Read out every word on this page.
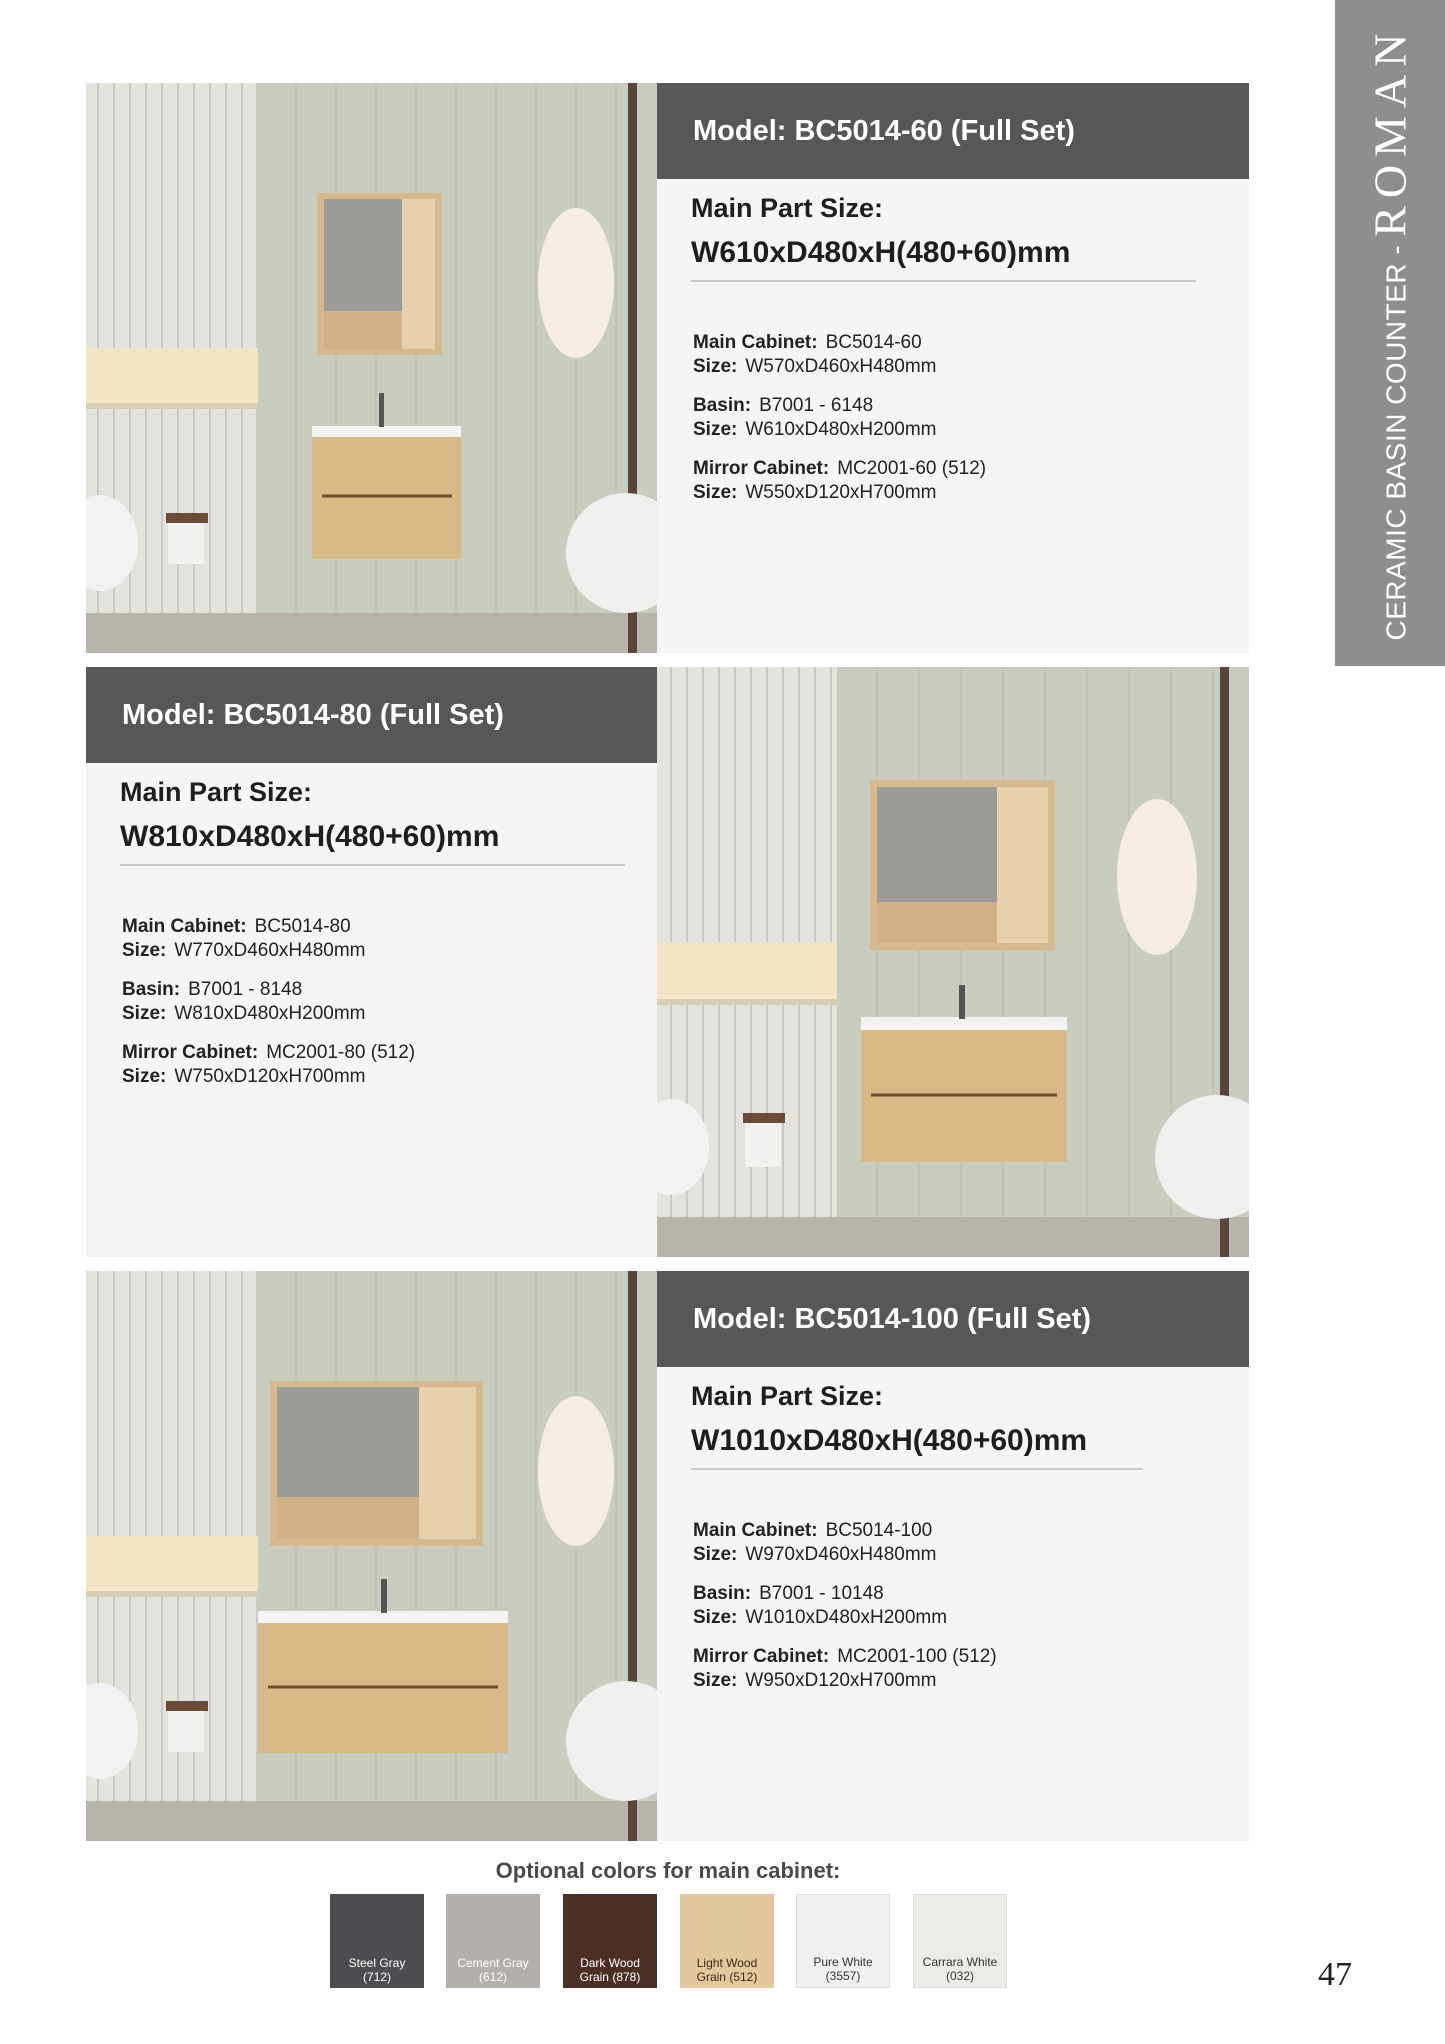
CERAMIC BASIN COUNTER -
ROMAN
Model: BC5014-60 (Full Set)
Main Part Size:
W610xD480xH(480+60)mm
Main Cabinet: BC5014-60
Size: W570xD460xH480mm
Basin: B7001 - 6148
Size: W610xD480xH200mm
Mirror Cabinet: MC2001-60 (512)
Size: W550xD120xH700mm
Model: BC5014-80 (Full Set)
Main Part Size:
W810xD480xH(480+60)mm
Main Cabinet: BC5014-80
Size: W770xD460xH480mm
Basin: B7001 - 8148
Size: W810xD480xH200mm
Mirror Cabinet: MC2001-80 (512)
Size: W750xD120xH700mm
Model: BC5014-100 (Full Set)
Main Part Size:
W1010xD480xH(480+60)mm
Main Cabinet: BC5014-100
Size: W970xD460xH480mm
Basin: B7001 - 10148
Size: W1010xD480xH200mm
Mirror Cabinet: MC2001-100 (512)
Size: W950xD120xH700mm
Optional colors for main cabinet:
Steel Gray
(712)
Cement Gray
(612)
Dark Wood
Grain (878)
Light Wood
Grain (512)
Pure White
(3557)
Carrara White
(032)	47
